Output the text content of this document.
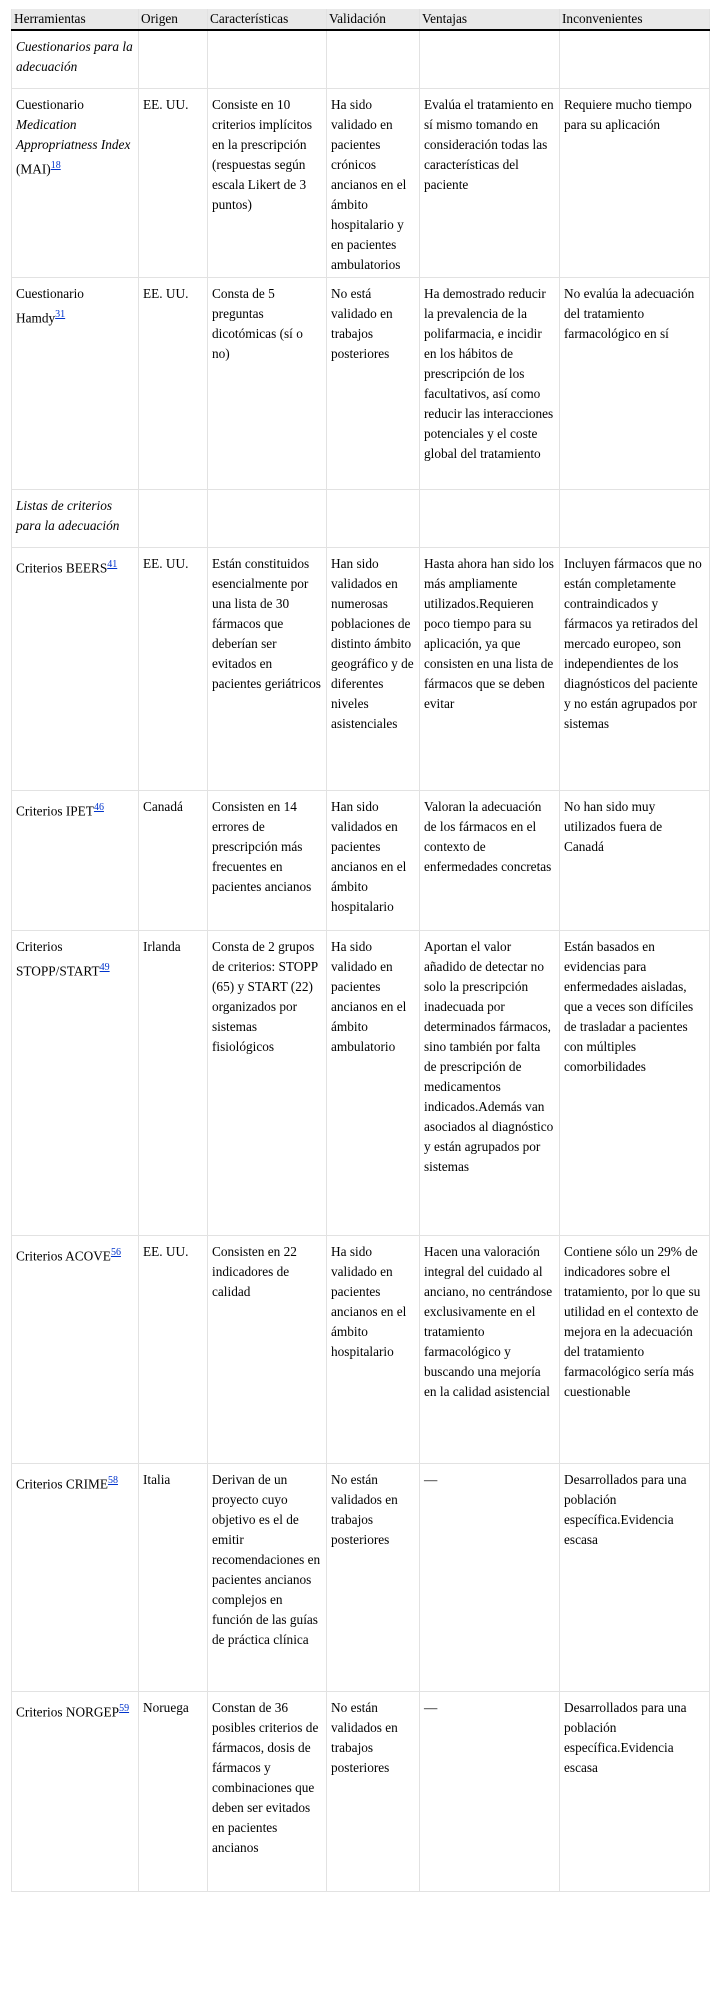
Herramientas	Origen	Características	Validación	Ventajas	Inconvenientes
Cuestionarios para la adecuación					
Cuestionario Medication Appropriatness Index (MAI)$^{18}$	EE. UU.	Consiste en 10 criterios implícitos en la prescripción (respuestas según escala Likert de 3 puntos)	Ha sido validado en pacientes crónicos ancianos en el ámbito hospitalario y en pacientes ambulatorios	Evalúa el tratamiento en sí mismo tomando en consideración todas las características del paciente	Requiere mucho tiempo para su aplicación
Cuestionario Hamdy$^{31}$	EE. UU.	Consta de 5 preguntas dicotómicas (sí o no)	No está validado en trabajos posteriores	Ha demostrado reducir la prevalencia de la polifarmacia, e incidir en los hábitos de prescripción de los facultativos, así como reducir las interacciones potenciales y el coste global del tratamiento	No evalúa la adecuación del tratamiento farmacológico en sí
Listas de criterios para la adecuación					
Criterios BEERS$^{41}$	EE. UU.	Están constituidos esencialmente por una lista de 30 fármacos que deberían ser evitados en pacientes geriátricos	Han sido validados en numerosas poblaciones de distinto ámbito geográfico y de diferentes niveles asistenciales	Hasta ahora han sido los más ampliamente utilizados.Requieren poco tiempo para su aplicación, ya que consisten en una lista de fármacos que se deben evitar	Incluyen fármacos que no están completamente contraindicados y fármacos ya retirados del mercado europeo, son independientes de los diagnósticos del paciente y no están agrupados por sistemas
Criterios IPET$^{46}$	Canadá	Consisten en 14 errores de prescripción más frecuentes en pacientes ancianos	Han sido validados en pacientes ancianos en el ámbito hospitalario	Valoran la adecuación de los fármacos en el contexto de enfermedades concretas	No han sido muy utilizados fuera de Canadá
Criterios STOPP/START$^{49}$	Irlanda	Consta de 2 grupos de criterios: STOPP (65) y START (22) organizados por sistemas fisiológicos	Ha sido validado en pacientes ancianos en el ámbito ambulatorio	Aportan el valor añadido de detectar no solo la prescripción inadecuada por determinados fármacos, sino también por falta de prescripción de medicamentos indicados.Además van asociados al diagnóstico y están agrupados por sistemas	Están basados en evidencias para enfermedades aisladas, que a veces son difíciles de trasladar a pacientes con múltiples comorbilidades
Criterios ACOVE$^{56}$	EE. UU.	Consisten en 22 indicadores de calidad	Ha sido validado en pacientes ancianos en el ámbito hospitalario	Hacen una valoración integral del cuidado al anciano, no centrándose exclusivamente en el tratamiento farmacológico y buscando una mejoría en la calidad asistencial	Contiene sólo un 29% de indicadores sobre el tratamiento, por lo que su utilidad en el contexto de mejora en la adecuación del tratamiento farmacológico sería más cuestionable
Criterios CRIME$^{58}$	Italia	Derivan de un proyecto cuyo objetivo es el de emitir recomendaciones en pacientes ancianos complejos en función de las guías de práctica clínica	No están validados en trabajos posteriores	—	Desarrollados para una población específica.Evidencia escasa
Criterios NORGEP$^{59}$	Noruega	Constan de 36 posibles criterios de fármacos, dosis de fármacos y combinaciones que deben ser evitados en pacientes ancianos	No están validados en trabajos posteriores	—	Desarrollados para una población específica.Evidencia escasa
